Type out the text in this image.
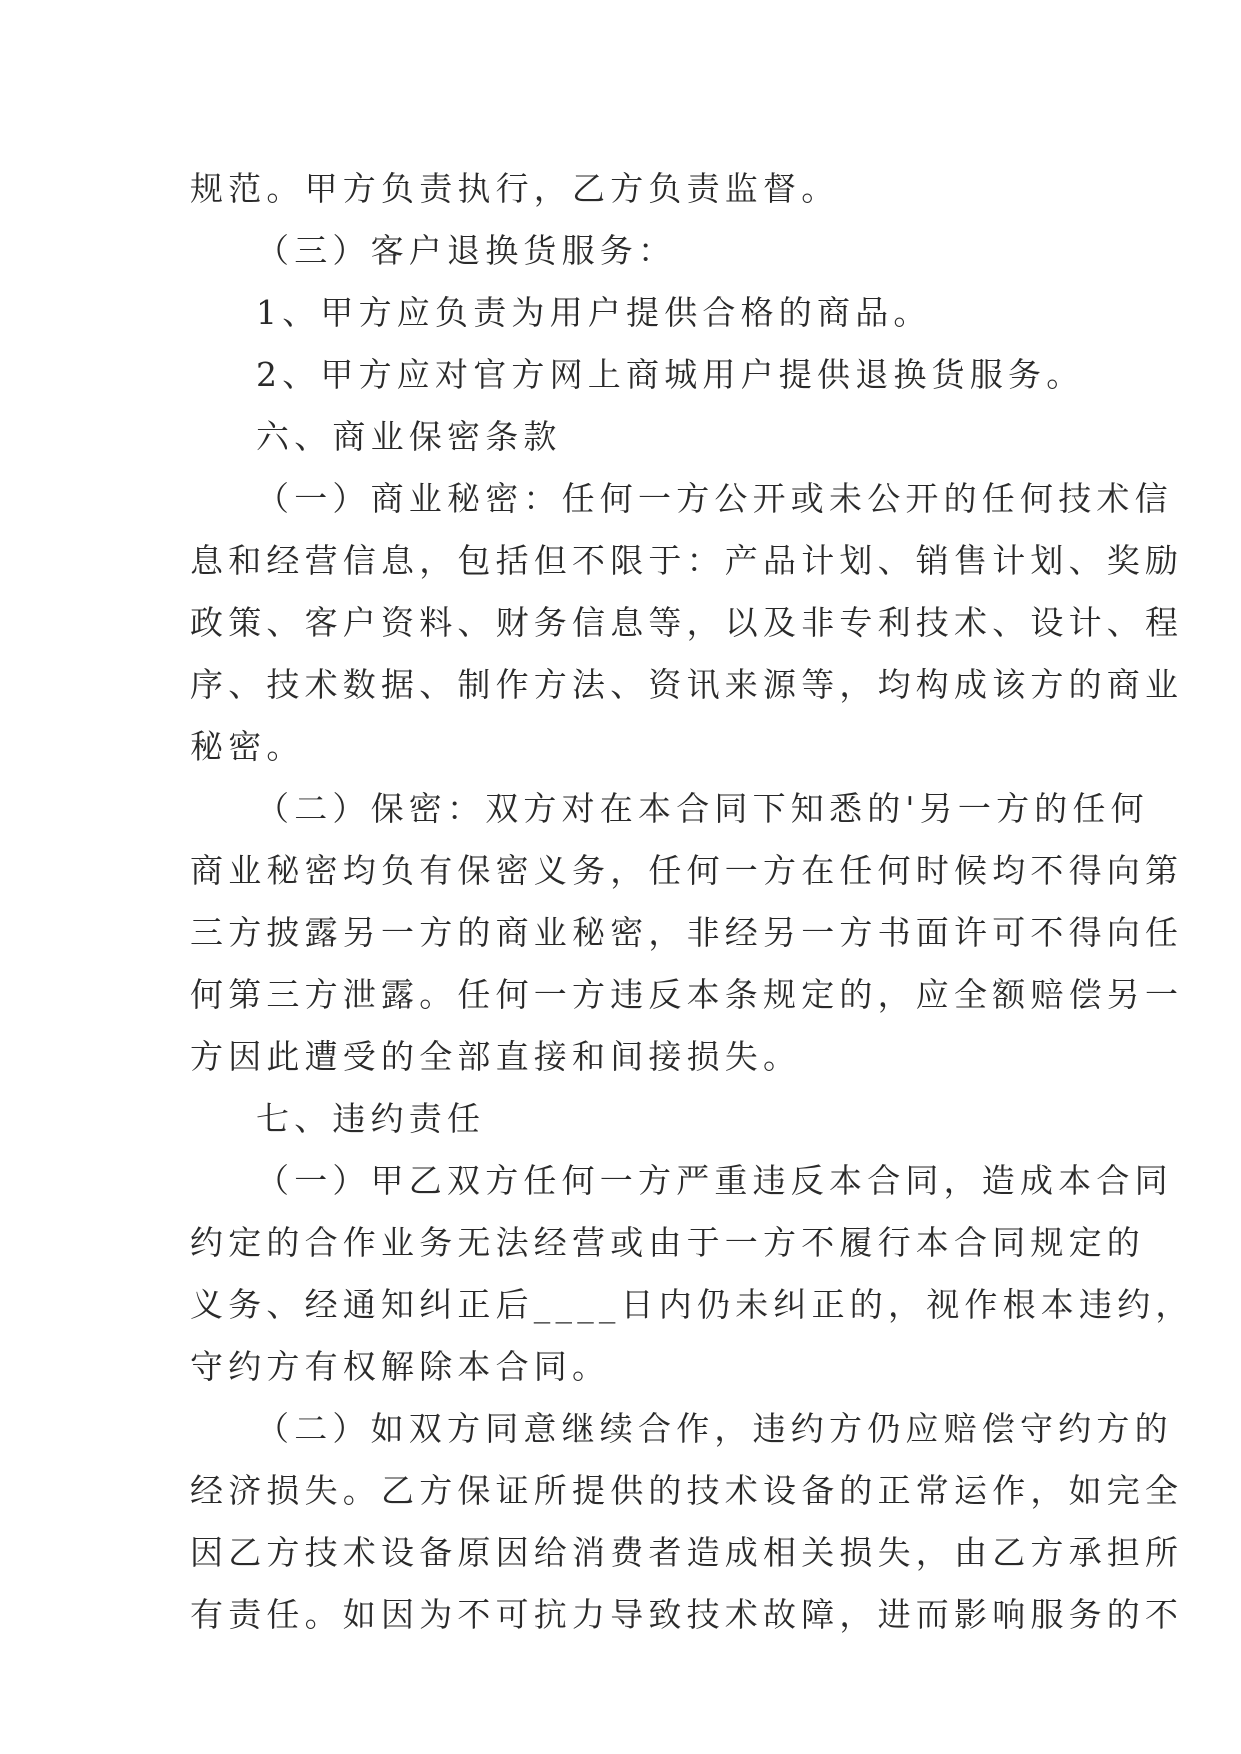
规范。甲方负责执行，乙方负责监督。
（三）客户退换货服务：
1、甲方应负责为用户提供合格的商品。
2、甲方应对官方网上商城用户提供退换货服务。
六、商业保密条款
（一）商业秘密：任何一方公开或未公开的任何技术信
息和经营信息，包括但不限于：产品计划、销售计划、奖励
政策、客户资料、财务信息等，以及非专利技术、设计、程
序、技术数据、制作方法、资讯来源等，均构成该方的商业
秘密。
（二）保密：双方对在本合同下知悉的'另一方的任何
商业秘密均负有保密义务，任何一方在任何时候均不得向第
三方披露另一方的商业秘密，非经另一方书面许可不得向任
何第三方泄露。任何一方违反本条规定的，应全额赔偿另一
方因此遭受的全部直接和间接损失。
七、违约责任
（一）甲乙双方任何一方严重违反本合同，造成本合同
约定的合作业务无法经营或由于一方不履行本合同规定的
义务、经通知纠正后____日内仍未纠正的，视作根本违约，
守约方有权解除本合同。
（二）如双方同意继续合作，违约方仍应赔偿守约方的
经济损失。乙方保证所提供的技术设备的正常运作，如完全
因乙方技术设备原因给消费者造成相关损失，由乙方承担所
有责任。如因为不可抗力导致技术故障，进而影响服务的不
